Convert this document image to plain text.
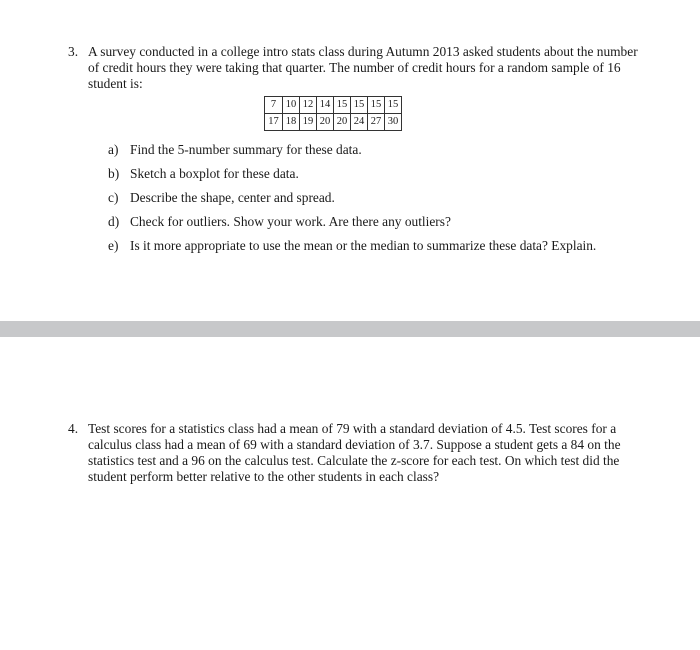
3. A survey conducted in a college intro stats class during Autumn 2013 asked students about the number of credit hours they were taking that quarter. The number of credit hours for a random sample of 16 student is:
7	10	12	14	15	15	15	15
17	18	19	20	20	24	27	30
a) Find the 5-number summary for these data.
b) Sketch a boxplot for these data.
c) Describe the shape, center and spread.
d) Check for outliers. Show your work. Are there any outliers?
e) Is it more appropriate to use the mean or the median to summarize these data? Explain.
4. Test scores for a statistics class had a mean of 79 with a standard deviation of 4.5. Test scores for a calculus class had a mean of 69 with a standard deviation of 3.7. Suppose a student gets a 84 on the statistics test and a 96 on the calculus test. Calculate the z-score for each test. On which test did the student perform better relative to the other students in each class?
